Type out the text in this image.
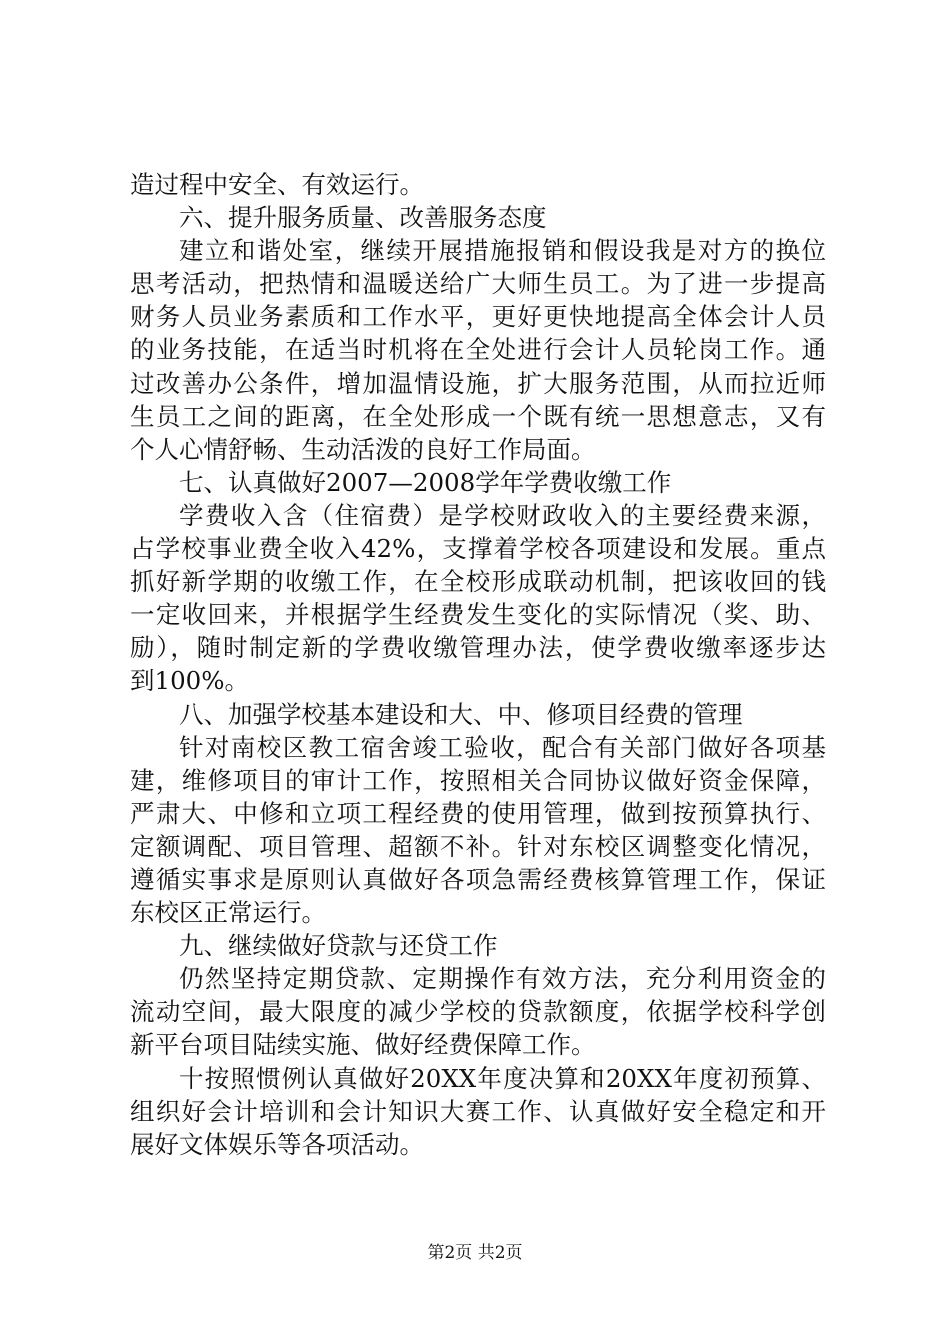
造过程中安全、有效运行。
六、提升服务质量、改善服务态度
建立和谐处室，继续开展措施报销和假设我是对方的换位
思考活动，把热情和温暖送给广大师生员工。为了进一步提高
财务人员业务素质和工作水平，更好更快地提高全体会计人员
的业务技能，在适当时机将在全处进行会计人员轮岗工作。通
过改善办公条件，增加温情设施，扩大服务范围，从而拉近师
生员工之间的距离，在全处形成一个既有统一思想意志，又有
个人心情舒畅、生动活泼的良好工作局面。
七、认真做好2007—2008学年学费收缴工作
学费收入含（住宿费）是学校财政收入的主要经费来源，
占学校事业费全收入42%，支撑着学校各项建设和发展。重点
抓好新学期的收缴工作，在全校形成联动机制，把该收回的钱
一定收回来，并根据学生经费发生变化的实际情况（奖、助、
励），随时制定新的学费收缴管理办法，使学费收缴率逐步达
到100%。
八、加强学校基本建设和大、中、修项目经费的管理
针对南校区教工宿舍竣工验收，配合有关部门做好各项基
建，维修项目的审计工作，按照相关合同协议做好资金保障，
严肃大、中修和立项工程经费的使用管理，做到按预算执行、
定额调配、项目管理、超额不补。针对东校区调整变化情况，
遵循实事求是原则认真做好各项急需经费核算管理工作，保证
东校区正常运行。
九、继续做好贷款与还贷工作
仍然坚持定期贷款、定期操作有效方法，充分利用资金的
流动空间，最大限度的减少学校的贷款额度，依据学校科学创
新平台项目陆续实施、做好经费保障工作。
十按照惯例认真做好20XX年度决算和20XX年度初预算、
组织好会计培训和会计知识大赛工作、认真做好安全稳定和开
展好文体娱乐等各项活动。
第2页 共2页
